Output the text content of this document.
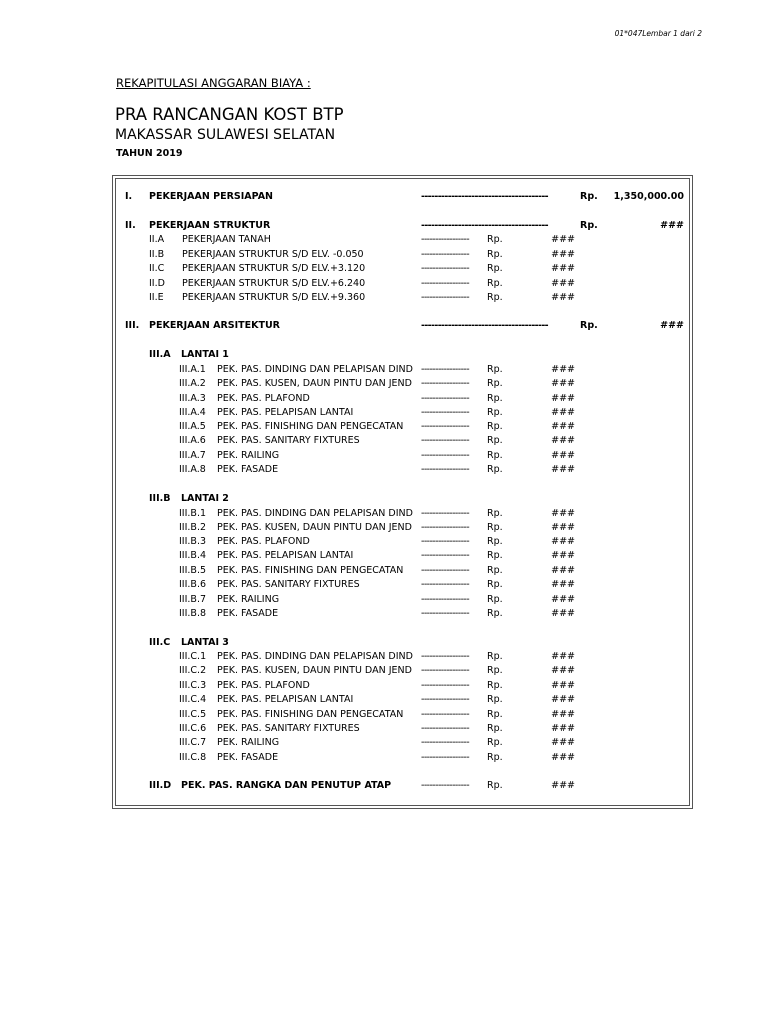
01*047Lembar 1 dari 2
REKAPITULASI ANGGARAN BIAYA :
PRA RANCANGAN KOST BTP
MAKASSAR SULAWESI SELATAN
TAHUN 2019
I. PEKERJAAN PERSIAPAN	--------------------------------------	Rp. 1,350,000.00
II. PEKERJAAN STRUKTUR	--------------------------------------	Rp.	###
II.A PEKERJAAN TANAH	-----------------	Rp.	###
II.B PEKERJAAN STRUKTUR S/D ELV. -0.050	-----------------	Rp.	###
II.C PEKERJAAN STRUKTUR S/D ELV.+3.120	-----------------	Rp.	###
II.D PEKERJAAN STRUKTUR S/D ELV.+6.240	-----------------	Rp.	###
II.E PEKERJAAN STRUKTUR S/D ELV.+9.360	-----------------	Rp.	###
III. PEKERJAAN ARSITEKTUR	--------------------------------------	Rp.	###
III.A LANTAI 1
III.A.1 PEK. PAS. DINDING DAN PELAPISAN DIND -----------------	Rp.	###
III.A.2 PEK. PAS. KUSEN, DAUN PINTU DAN JEND -----------------	Rp.	###
III.A.3 PEK. PAS. PLAFOND	-----------------	Rp.	###
III.A.4 PEK. PAS. PELAPISAN LANTAI	-----------------	Rp.	###
III.A.5 PEK. PAS. FINISHING DAN PENGECATAN	-----------------	Rp.	###
III.A.6 PEK. PAS. SANITARY FIXTURES	-----------------	Rp.	###
III.A.7 PEK. RAILING	-----------------	Rp.	###
III.A.8 PEK. FASADE	-----------------	Rp.	###
III.B LANTAI 2
III.B.1 PEK. PAS. DINDING DAN PELAPISAN DIND -----------------	Rp.	###
III.B.2 PEK. PAS. KUSEN, DAUN PINTU DAN JEND -----------------	Rp.	###
III.B.3 PEK. PAS. PLAFOND	-----------------	Rp.	###
III.B.4 PEK. PAS. PELAPISAN LANTAI	-----------------	Rp.	###
III.B.5 PEK. PAS. FINISHING DAN PENGECATAN	-----------------	Rp.	###
III.B.6 PEK. PAS. SANITARY FIXTURES	-----------------	Rp.	###
III.B.7 PEK. RAILING	-----------------	Rp.	###
III.B.8 PEK. FASADE	-----------------	Rp.	###
III.C LANTAI 3
III.C.1 PEK. PAS. DINDING DAN PELAPISAN DIND -----------------	Rp.	###
III.C.2 PEK. PAS. KUSEN, DAUN PINTU DAN JEND -----------------	Rp.	###
III.C.3 PEK. PAS. PLAFOND	-----------------	Rp.	###
III.C.4 PEK. PAS. PELAPISAN LANTAI	-----------------	Rp.	###
III.C.5 PEK. PAS. FINISHING DAN PENGECATAN	-----------------	Rp.	###
III.C.6 PEK. PAS. SANITARY FIXTURES	-----------------	Rp.	###
III.C.7 PEK. RAILING	-----------------	Rp.	###
III.C.8 PEK. FASADE	-----------------	Rp.	###
III.D PEK. PAS. RANGKA DAN PENUTUP ATAP	-----------------	Rp.	###
